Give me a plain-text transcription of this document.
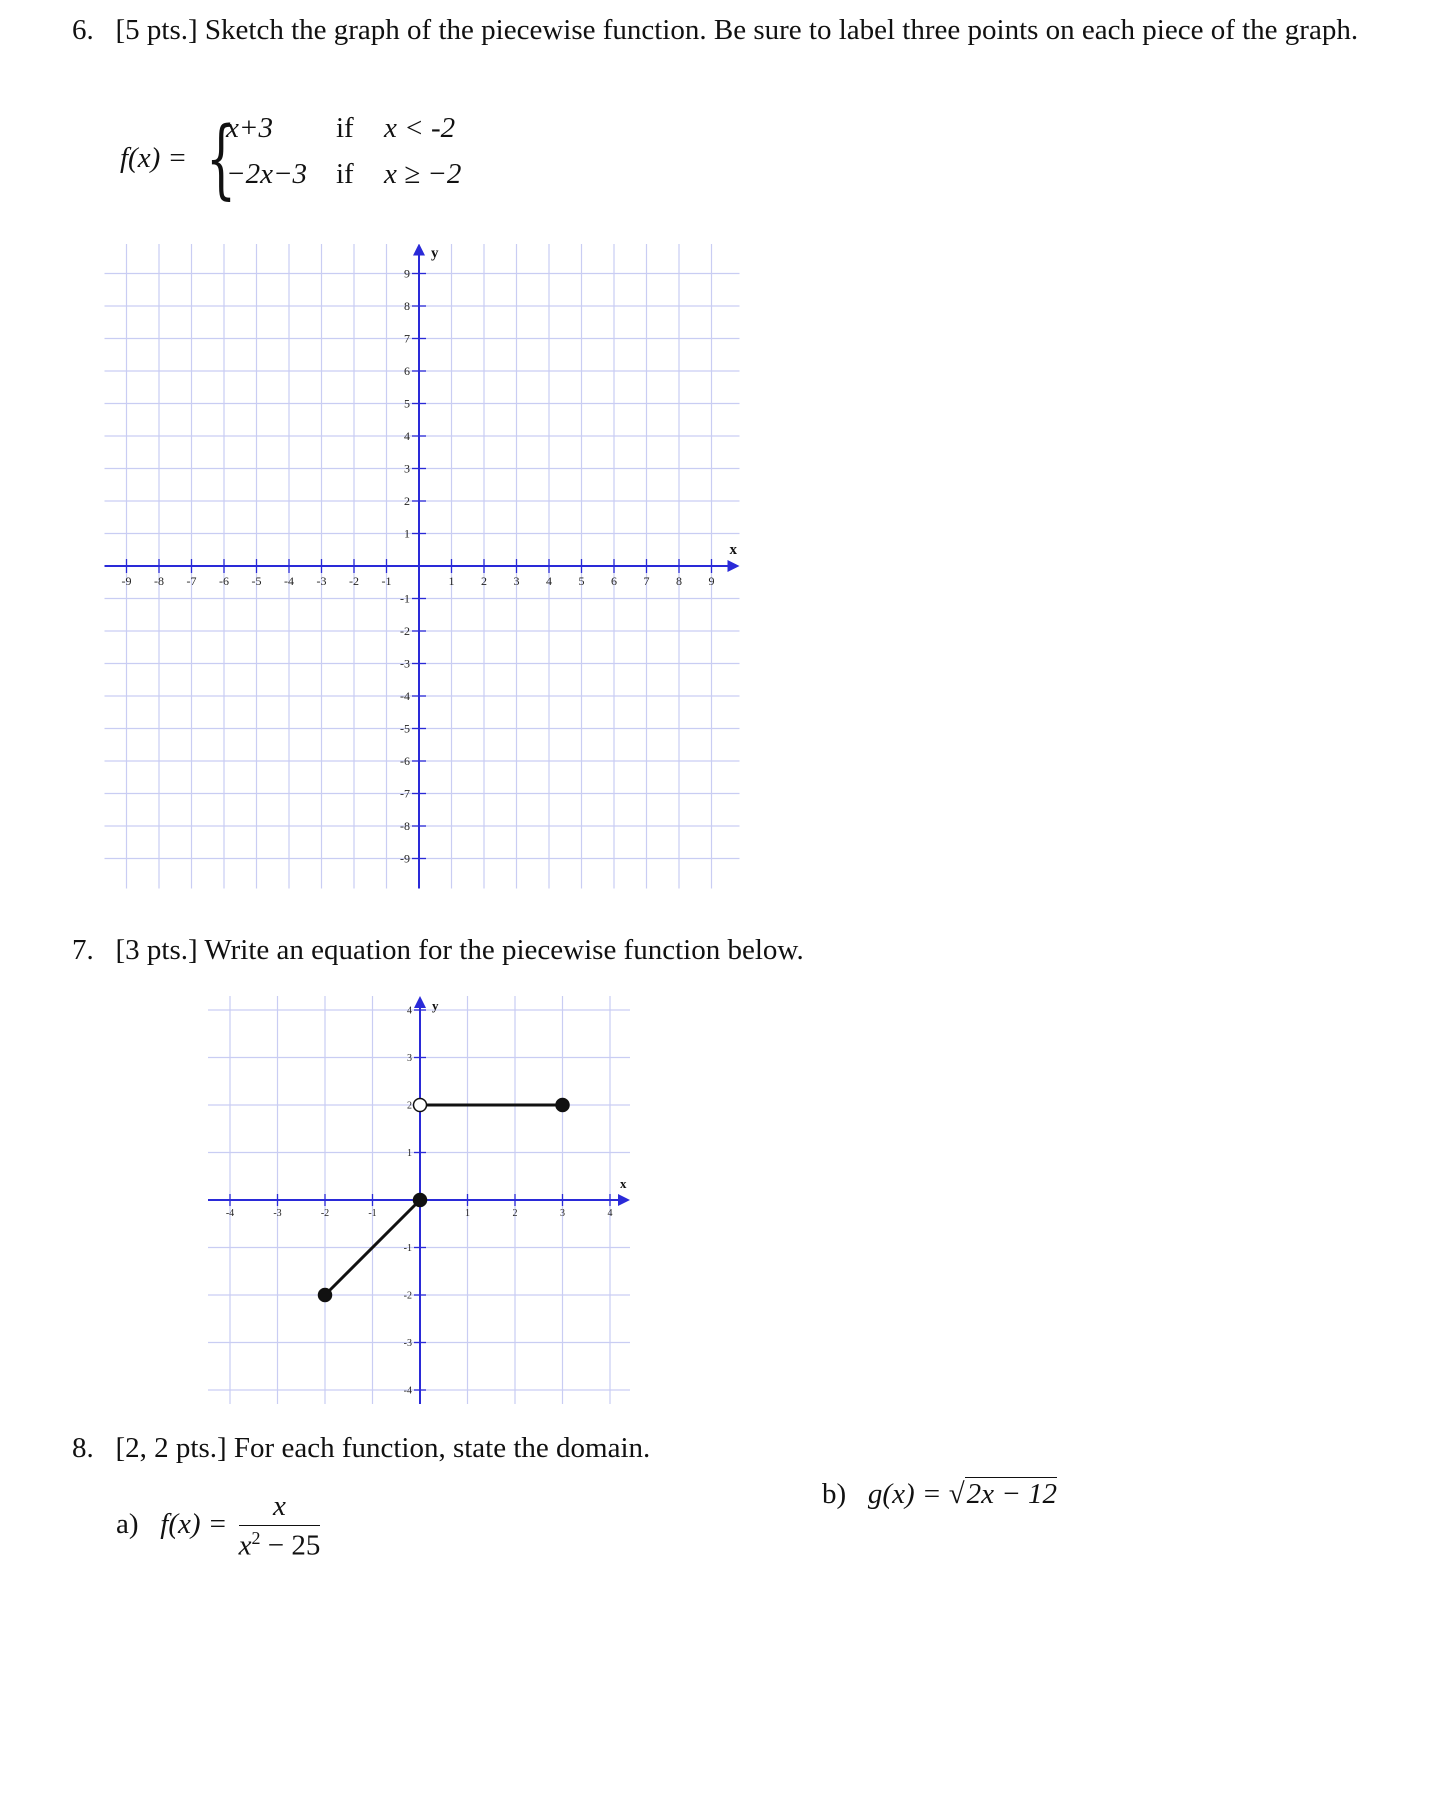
6. [5 pts.] Sketch the graph of the piecewise function. Be sure to label three points on each piece of the graph.
f(x) = {
x+3 if x < -2
−2x−3 if x ≥ −2
-9 -8 -7 -6 -5 -4 -3 -2 -1	1 2 3 4 5 6 7 8 9
9
8
7
6
5
4
3
2
1
-1
-2
-3
-4
-5
-6
-7
-8
-9
x
y
7. [3 pts.] Write an equation for the piecewise function below.
-4	-3	-2	-1	1	2	3	4
4
3
2
1
-1
-2
-3
-4
x
y
8. [2, 2 pts.] For each function, state the domain.
a) $f(x) = \frac{x}{x^2 - 25}$	b) g(x) = √2x − 12
